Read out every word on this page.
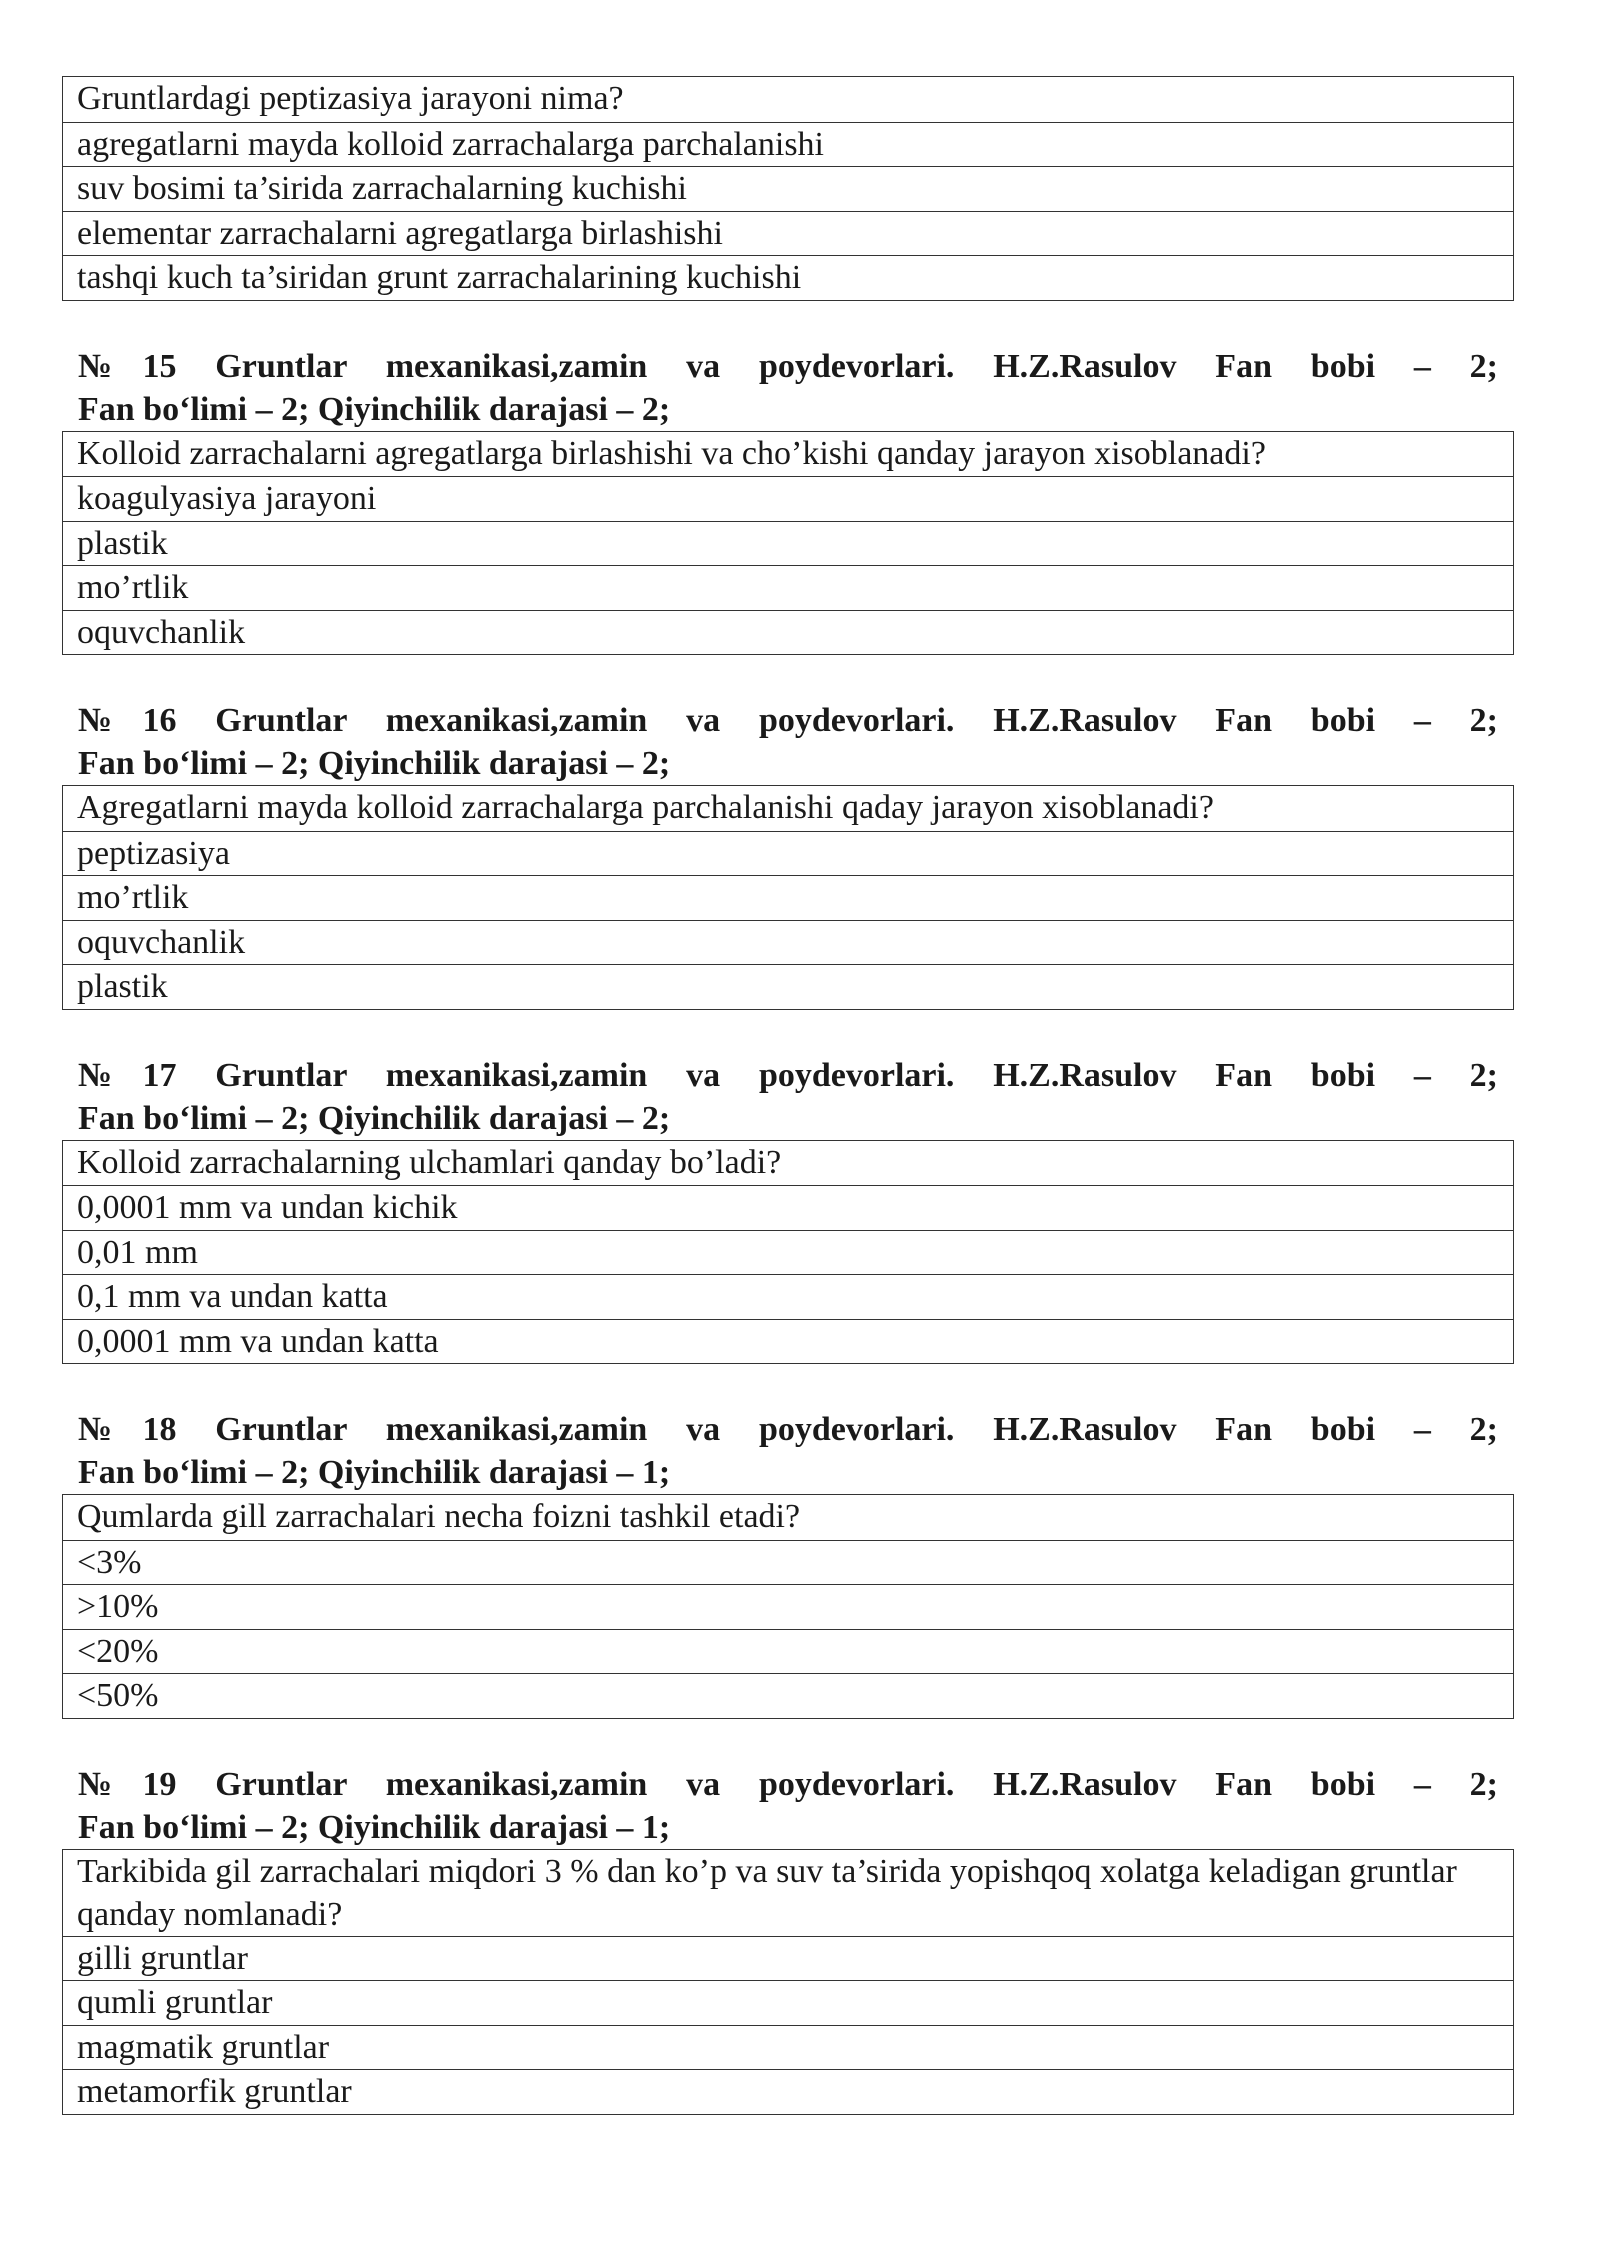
Gruntlardagi peptizasiya jarayoni nima?
agregatlarni mayda kolloid zarrachalarga parchalanishi
suv bosimi ta’sirida zarrachalarning kuchishi
elementar zarrachalarni agregatlarga birlashishi
tashqi kuch ta’siridan grunt zarrachalarining kuchishi
№15 Gruntlar mexanikasi,zamin va poydevorlari. H.Z.Rasulov Fan bobi – 2;
Fan bo‘limi – 2; Qiyinchilik darajasi – 2;
Kolloid zarrachalarni agregatlarga birlashishi va cho’kishi qanday jarayon xisoblanadi?
koagulyasiya jarayoni
plastik
mo’rtlik
oquvchanlik
№16 Gruntlar mexanikasi,zamin va poydevorlari. H.Z.Rasulov Fan bobi – 2;
Fan bo‘limi – 2; Qiyinchilik darajasi – 2;
Agregatlarni mayda kolloid zarrachalarga parchalanishi qaday jarayon xisoblanadi?
peptizasiya
mo’rtlik
oquvchanlik
plastik
№17 Gruntlar mexanikasi,zamin va poydevorlari. H.Z.Rasulov Fan bobi – 2;
Fan bo‘limi – 2; Qiyinchilik darajasi – 2;
Kolloid zarrachalarning ulchamlari qanday bo’ladi?
0,0001 mm va undan kichik
0,01 mm
0,1 mm va undan katta
0,0001 mm va undan katta
№18 Gruntlar mexanikasi,zamin va poydevorlari. H.Z.Rasulov Fan bobi – 2;
Fan bo‘limi – 2; Qiyinchilik darajasi – 1;
Qumlarda gill zarrachalari necha foizni tashkil etadi?
<3%
>10%
<20%
<50%
№19 Gruntlar mexanikasi,zamin va poydevorlari. H.Z.Rasulov Fan bobi – 2;
Fan bo‘limi – 2; Qiyinchilik darajasi – 1;
Tarkibida gil zarrachalari miqdori 3 % dan ko’p va suv ta’sirida yopishqoq xolatga keladigan gruntlar qanday nomlanadi?
gilli gruntlar
qumli gruntlar
magmatik gruntlar
metamorfik gruntlar
